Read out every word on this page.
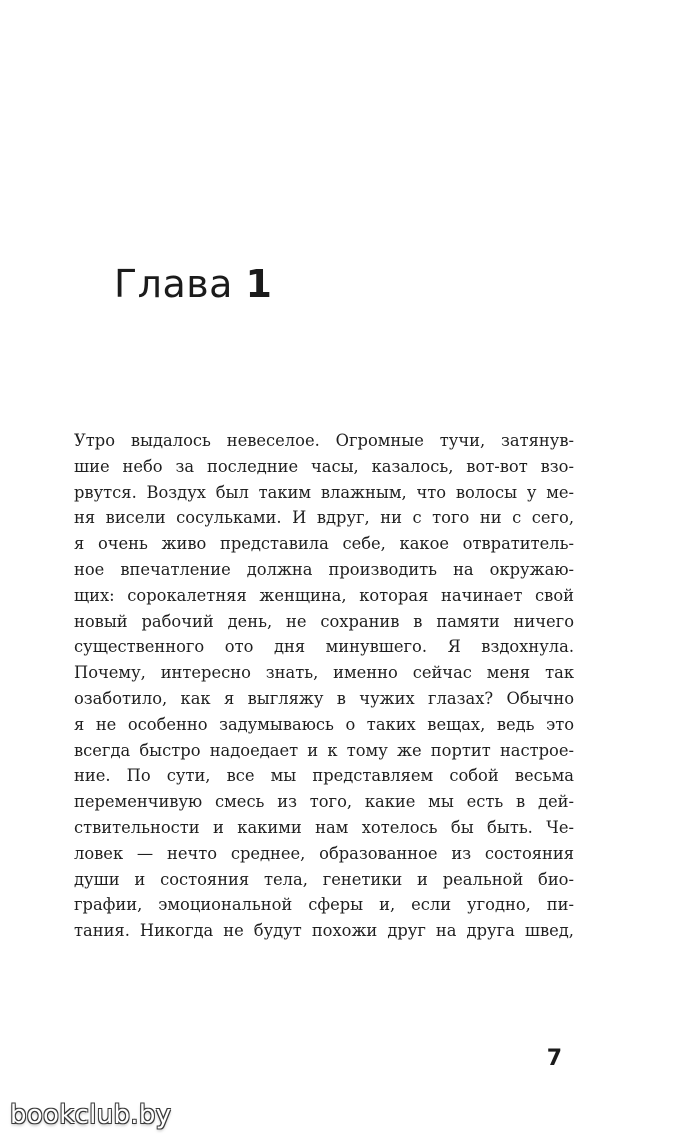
Глава 1
Утро выдалось невеселое. Огромные тучи, затянув-
шие небо за последние часы, казалось, вот-вот взо-
рвутся. Воздух был таким влажным, что волосы у ме-
ня висели сосульками. И вдруг, ни с того ни с сего,
я очень живо представила себе, какое отвратитель-
ное впечатление должна производить на окружаю-
щих: сорокалетняя женщина, которая начинает свой
новый рабочий день, не сохранив в памяти ничего
существенного ото дня минувшего. Я вздохнула.
Почему, интересно знать, именно сейчас меня так
озаботило, как я выгляжу в чужих глазах? Обычно
я не особенно задумываюсь о таких вещах, ведь это
всегда быстро надоедает и к тому же портит настрое-
ние. По сути, все мы представляем собой весьма
переменчивую смесь из того, какие мы есть в дей-
ствительности и какими нам хотелось бы быть. Че-
ловек — нечто среднее, образованное из состояния
души и состояния тела, генетики и реальной био-
графии, эмоциональной сферы и, если угодно, пи-
тания. Никогда не будут похожи друг на друга швед,
7
bookclub.by
